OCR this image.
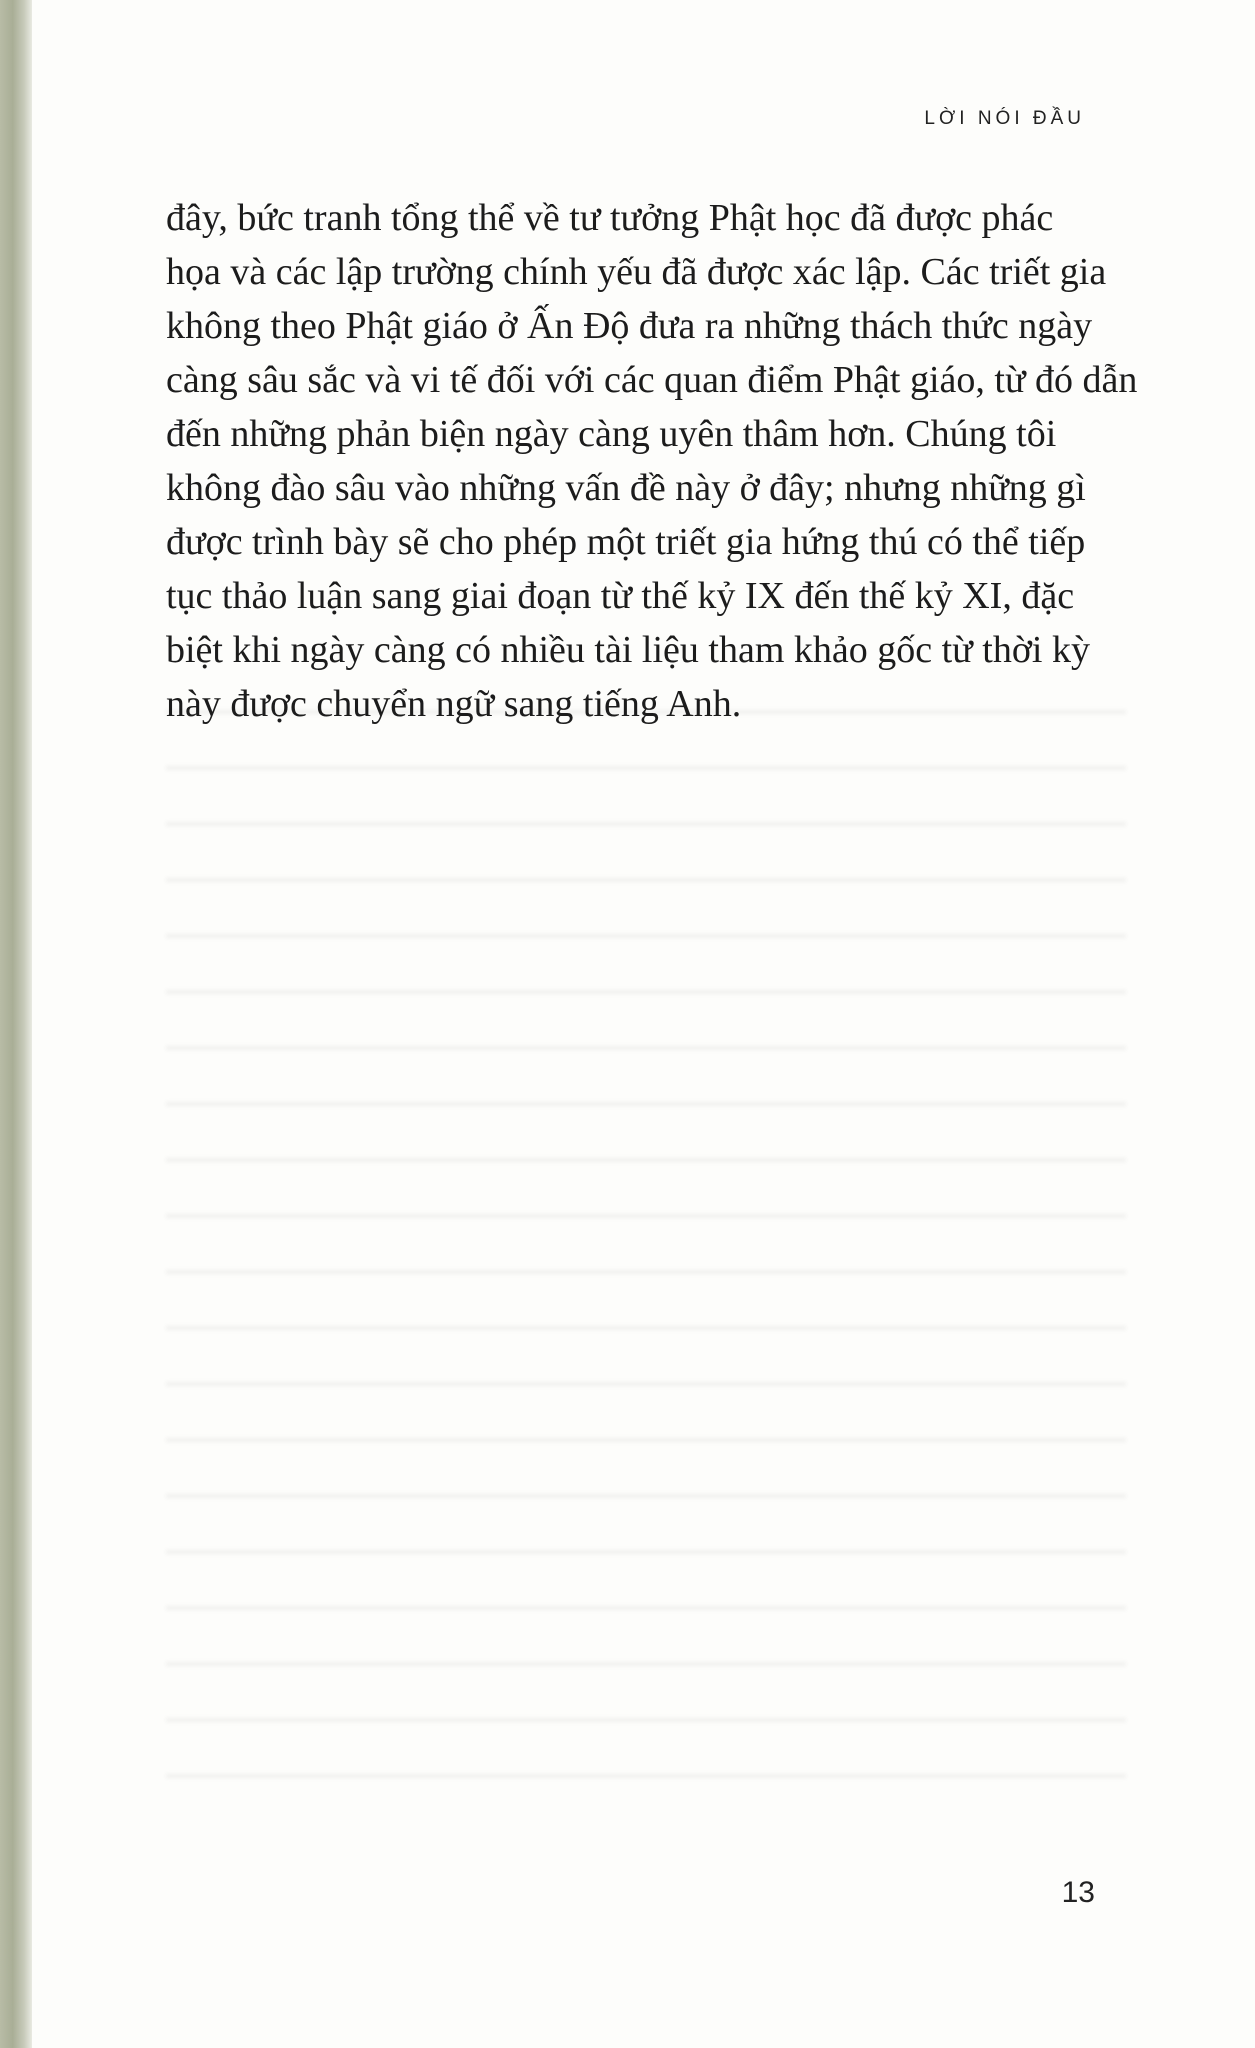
LỜI NÓI ĐẦU

đây, bức tranh tổng thể về tư tưởng Phật học đã được phác
họa và các lập trường chính yếu đã được xác lập. Các triết gia
không theo Phật giáo ở Ấn Độ đưa ra những thách thức ngày
càng sâu sắc và vi tế đối với các quan điểm Phật giáo, từ đó dẫn
đến những phản biện ngày càng uyên thâm hơn. Chúng tôi
không đào sâu vào những vấn đề này ở đây; nhưng những gì
được trình bày sẽ cho phép một triết gia hứng thú có thể tiếp
tục thảo luận sang giai đoạn từ thế kỷ IX đến thế kỷ XI, đặc
biệt khi ngày càng có nhiều tài liệu tham khảo gốc từ thời kỳ
này được chuyển ngữ sang tiếng Anh.

13
